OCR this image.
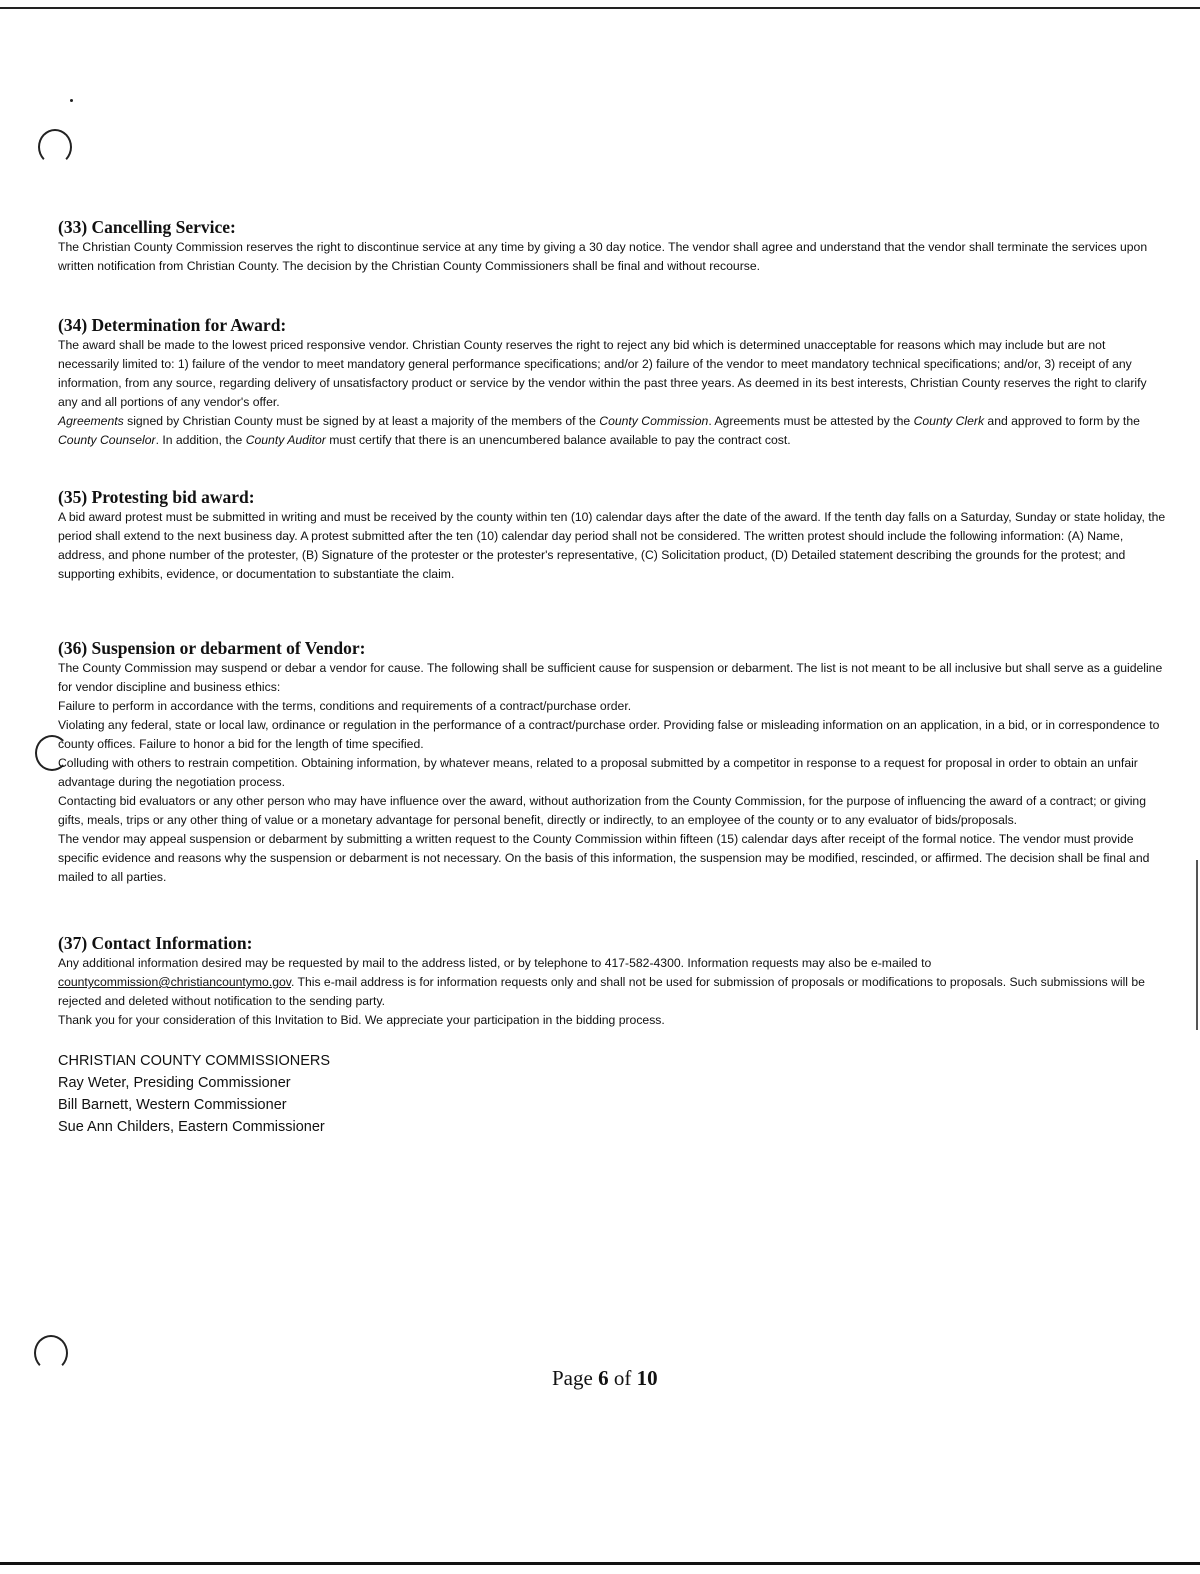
(33) Cancelling Service:

The Christian County Commission reserves the right to discontinue service at any time by giving a 30 day notice. The vendor shall agree and understand that the vendor shall terminate the services upon written notification from Christian County. The decision by the Christian County Commissioners shall be final and without recourse.

(34) Determination for Award:

The award shall be made to the lowest priced responsive vendor. Christian County reserves the right to reject any bid which is determined unacceptable for reasons which may include but are not necessarily limited to: 1) failure of the vendor to meet mandatory general performance specifications; and/or 2) failure of the vendor to meet mandatory technical specifications; and/or, 3) receipt of any information, from any source, regarding delivery of unsatisfactory product or service by the vendor within the past three years. As deemed in its best interests, Christian County reserves the right to clarify any and all portions of any vendor's offer.

Agreements signed by Christian County must be signed by at least a majority of the members of the County Commission. Agreements must be attested by the County Clerk and approved to form by the County Counselor. In addition, the County Auditor must certify that there is an unencumbered balance available to pay the contract cost.

(35) Protesting bid award:

A bid award protest must be submitted in writing and must be received by the county within ten (10) calendar days after the date of the award. If the tenth day falls on a Saturday, Sunday or state holiday, the period shall extend to the next business day. A protest submitted after the ten (10) calendar day period shall not be considered. The written protest should include the following information: (A) Name, address, and phone number of the protester, (B) Signature of the protester or the protester's representative, (C) Solicitation product, (D) Detailed statement describing the grounds for the protest; and supporting exhibits, evidence, or documentation to substantiate the claim.

(36) Suspension or debarment of Vendor:

The County Commission may suspend or debar a vendor for cause. The following shall be sufficient cause for suspension or debarment. The list is not meant to be all inclusive but shall serve as a guideline for vendor discipline and business ethics:

Failure to perform in accordance with the terms, conditions and requirements of a contract/purchase order.

Violating any federal, state or local law, ordinance or regulation in the performance of a contract/purchase order. Providing false or misleading information on an application, in a bid, or in correspondence to county offices. Failure to honor a bid for the length of time specified.

Colluding with others to restrain competition. Obtaining information, by whatever means, related to a proposal submitted by a competitor in response to a request for proposal in order to obtain an unfair advantage during the negotiation process.

Contacting bid evaluators or any other person who may have influence over the award, without authorization from the County Commission, for the purpose of influencing the award of a contract; or giving gifts, meals, trips or any other thing of value or a monetary advantage for personal benefit, directly or indirectly, to an employee of the county or to any evaluator of bids/proposals.

The vendor may appeal suspension or debarment by submitting a written request to the County Commission within fifteen (15) calendar days after receipt of the formal notice. The vendor must provide specific evidence and reasons why the suspension or debarment is not necessary. On the basis of this information, the suspension may be modified, rescinded, or affirmed. The decision shall be final and mailed to all parties.

(37) Contact Information:

Any additional information desired may be requested by mail to the address listed, or by telephone to 417-582-4300. Information requests may also be e-mailed to countycommission@christiancountymo.gov. This e-mail address is for information requests only and shall not be used for submission of proposals or modifications to proposals. Such submissions will be rejected and deleted without notification to the sending party.

Thank you for your consideration of this Invitation to Bid. We appreciate your participation in the bidding process.

CHRISTIAN COUNTY COMMISSIONERS
Ray Weter, Presiding Commissioner
Bill Barnett, Western Commissioner
Sue Ann Childers, Eastern Commissioner
Page 6 of 10
